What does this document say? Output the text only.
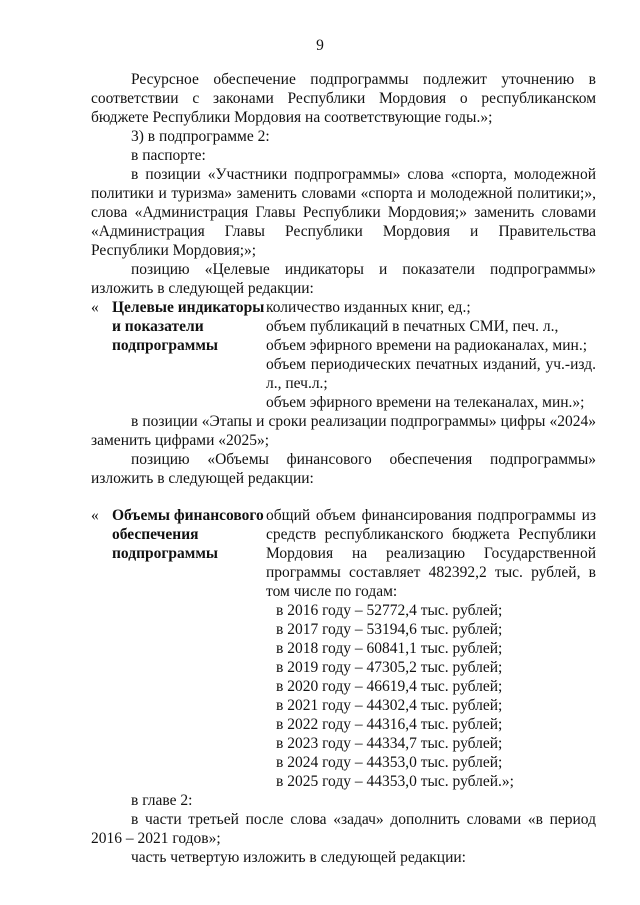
9

Ресурсное обеспечение подпрограммы подлежит уточнению в соответствии с законами Республики Мордовия о республиканском бюджете Республики Мордовия на соответствующие годы.»;

3) в подпрограмме 2:

в паспорте:

в позиции «Участники подпрограммы» слова «спорта, молодежной политики и туризма» заменить словами «спорта и молодежной политики;», слова «Администрация Главы Республики Мордовия;» заменить словами «Администрация Главы Республики Мордовия и Правительства Республики Мордовия;»;

позицию «Целевые индикаторы и показатели подпрограммы» изложить в следующей редакции:

« Целевые индикаторы
и показатели
подпрограммы

количество изданных книг, ед.;

объем публикаций в печатных СМИ, печ. л.,

объем эфирного времени на радиоканалах, мин.;

объем периодических печатных изданий, уч.-изд. л., печ.л.;

объем эфирного времени на телеканалах, мин.»;

в позиции «Этапы и сроки реализации подпрограммы» цифры «2024» заменить цифрами «2025»;

позицию «Объемы финансового обеспечения подпрограммы» изложить в следующей редакции:

« Объемы финансового
обеспечения
подпрограммы

общий объем финансирования подпрограммы из средств республиканского бюджета Республики Мордовия на реализацию Государственной программы составляет 482392,2 тыс. рублей, в том числе по годам:

в 2016 году – 52772,4 тыс. рублей;
в 2017 году – 53194,6 тыс. рублей;
в 2018 году – 60841,1 тыс. рублей;
в 2019 году – 47305,2 тыс. рублей;
в 2020 году – 46619,4 тыс. рублей;
в 2021 году – 44302,4 тыс. рублей;
в 2022 году – 44316,4 тыс. рублей;
в 2023 году – 44334,7 тыс. рублей;
в 2024 году – 44353,0 тыс. рублей;
в 2025 году – 44353,0 тыс. рублей.»;

в главе 2:

в части третьей после слова «задач» дополнить словами «в период 2016 – 2021 годов»;

часть четвертую изложить в следующей редакции:
